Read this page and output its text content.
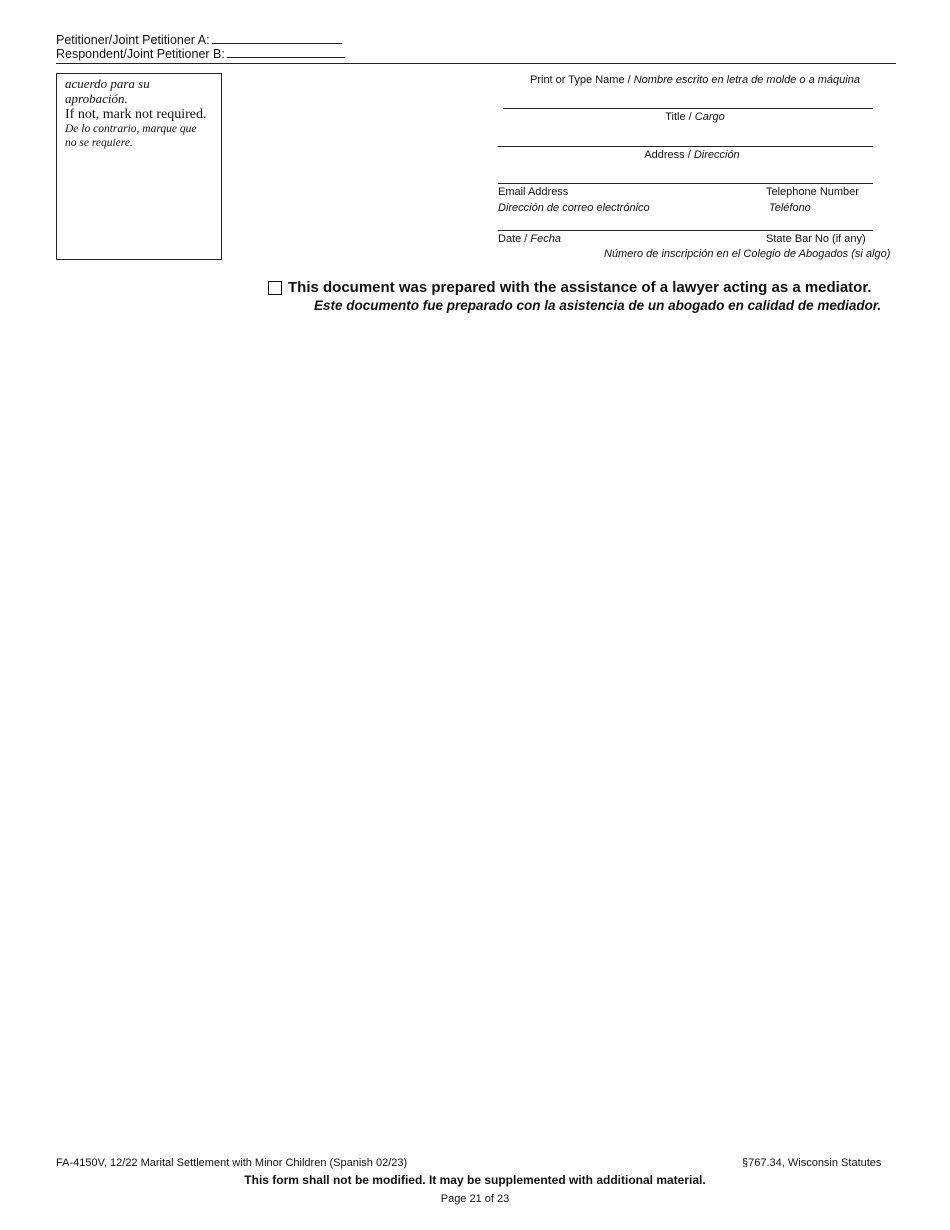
Petitioner/Joint Petitioner A:
Respondent/Joint Petitioner B:
acuerdo para su
aprobación.
If not, mark not required.
De lo contrario, marque que
no se requiere.
Print or Type Name / Nombre escrito en letra de molde o a máquina
Title / Cargo
Address / Dirección
Email Address
Dirección de correo electrónico
Telephone Number
Teléfono
Date / Fecha	State Bar No (if any)
Número de inscripción en el Colegio de Abogados (si algo)
This document was prepared with the assistance of a lawyer acting as a mediator.
Este documento fue preparado con la asistencia de un abogado en calidad de mediador.
FA-4150V, 12/22 Marital Settlement with Minor Children (Spanish 02/23)	§767.34, Wisconsin Statutes
This form shall not be modified. It may be supplemented with additional material.
Page 21 of 23
